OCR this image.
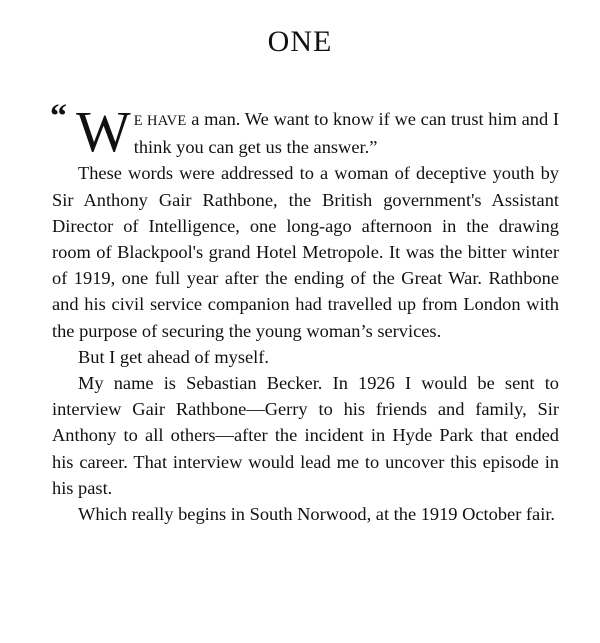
ONE

“ W E HAVE a man. We want to know if we can trust him and I think you can get us the answer.”

These words were addressed to a woman of deceptive youth by Sir Anthony Gair Rathbone, the British government's Assistant Director of Intelligence, one long-ago afternoon in the drawing room of Blackpool's grand Hotel Metropole. It was the bitter winter of 1919, one full year after the ending of the Great War. Rathbone and his civil service companion had travelled up from London with the purpose of securing the young woman’s services.

But I get ahead of myself.

My name is Sebastian Becker. In 1926 I would be sent to interview Gair Rathbone—Gerry to his friends and family, Sir Anthony to all others—after the incident in Hyde Park that ended his career. That interview would lead me to uncover this episode in his past.

Which really begins in South Norwood, at the 1919 October fair.
